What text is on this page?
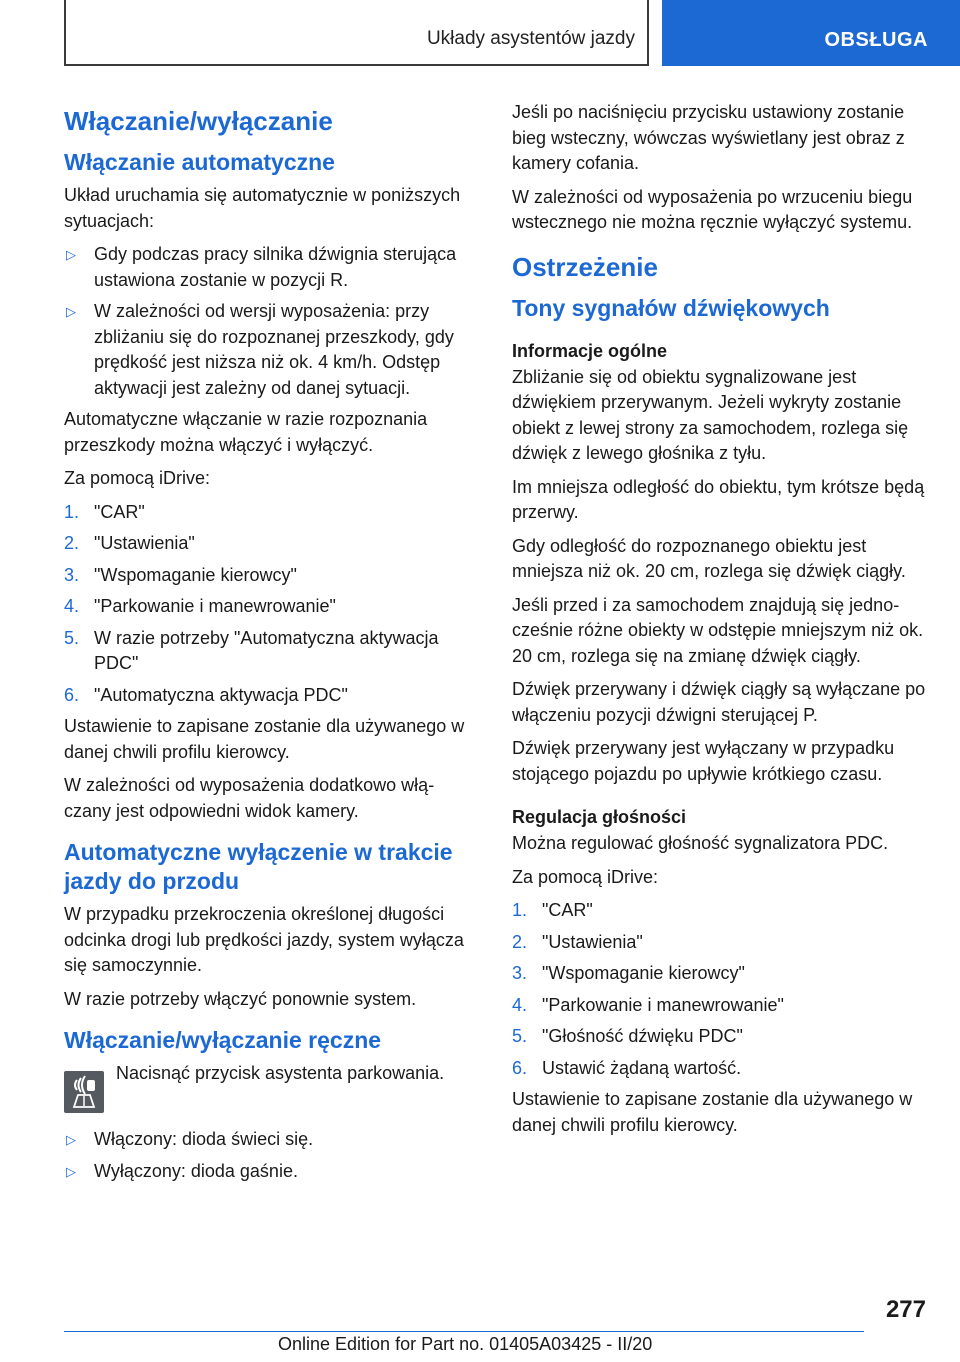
Układy asystentów jazdy	OBSŁUGA
Włączanie/wyłączanie
Włączanie automatyczne

Układ uruchamia się automatycznie w poniższych sytuacjach:

▷ Gdy podczas pracy silnika dźwignia sterująca ustawiona zostanie w pozycji R.
▷ W zależności od wersji wyposażenia: przy zbliżaniu się do rozpoznanej przeszkody, gdy prędkość jest niższa niż ok. 4 km/h. Odstęp aktywacji jest zależny od danej sytuacji.

Automatyczne włączanie w razie rozpoznania przeszkody można włączyć i wyłączyć.

Za pomocą iDrive:

1. "CAR"
2. "Ustawienia"
3. "Wspomaganie kierowcy"
4. "Parkowanie i manewrowanie"
5. W razie potrzeby "Automatyczna aktywacja PDC"
6. "Automatyczna aktywacja PDC"

Ustawienie to zapisane zostanie dla używanego w danej chwili profilu kierowcy.

W zależności od wyposażenia dodatkowo włączany jest odpowiedni widok kamery.

Automatyczne wyłączenie w trakcie jazdy do przodu

W przypadku przekroczenia określonej długości odcinka drogi lub prędkości jazdy, system wyłącza się samoczynnie.

W razie potrzeby włączyć ponownie system.

Włączanie/wyłączanie ręczne

Nacisnąć przycisk asystenta parkowania.

▷ Włączony: dioda świeci się.
▷ Wyłączony: dioda gaśnie.

Jeśli po naciśnięciu przycisku ustawiony zostanie bieg wsteczny, wówczas wyświetlany jest obraz z kamery cofania.

W zależności od wyposażenia po wrzuceniu biegu wstecznego nie można ręcznie wyłączyć systemu.

Ostrzeżenie
Tony sygnałów dźwiękowych
Informacje ogólne

Zbliżanie się od obiektu sygnalizowane jest dźwiękiem przerywanym. Jeżeli wykryty zostanie obiekt z lewej strony za samochodem, rozlega się dźwięk z lewego głośnika z tyłu.

Im mniejsza odległość do obiektu, tym krótsze będą przerwy.

Gdy odległość do rozpoznanego obiektu jest mniejsza niż ok. 20 cm, rozlega się dźwięk ciągły.

Jeśli przed i za samochodem znajdują się jednocześnie różne obiekty w odstępie mniejszym niż ok. 20 cm, rozlega się na zmianę dźwięk ciągły.

Dźwięk przerywany i dźwięk ciągły są wyłączane po włączeniu pozycji dźwigni sterującej P.

Dźwięk przerywany jest wyłączany w przypadku stojącego pojazdu po upływie krótkiego czasu.

Regulacja głośności

Można regulować głośność sygnalizatora PDC.

Za pomocą iDrive:

1. "CAR"
2. "Ustawienia"
3. "Wspomaganie kierowcy"
4. "Parkowanie i manewrowanie"
5. "Głośność dźwięku PDC"
6. Ustawić żądaną wartość.

Ustawienie to zapisane zostanie dla używanego w danej chwili profilu kierowcy.

277
Online Edition for Part no. 01405A03425 - II/20
